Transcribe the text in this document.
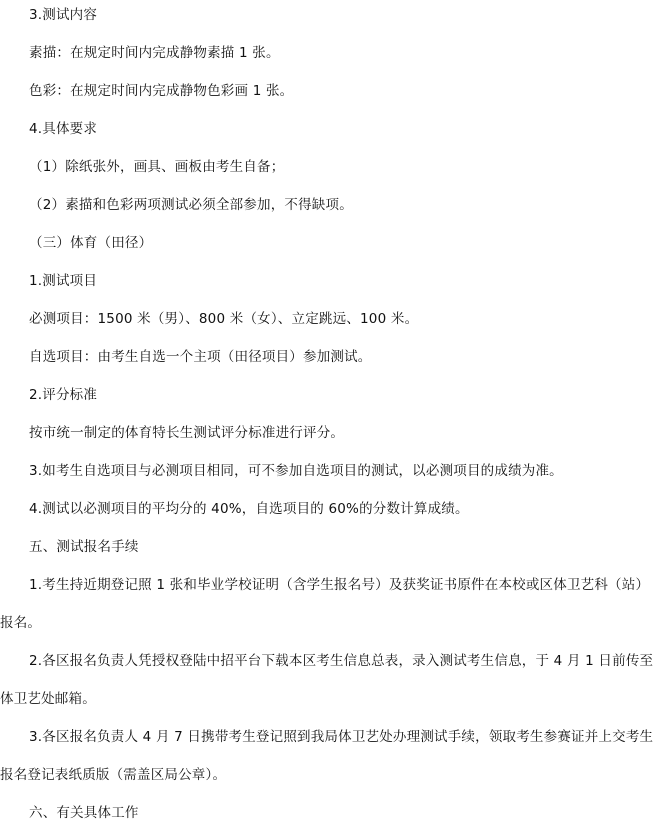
3.测试内容
素描：在规定时间内完成静物素描 1 张。
色彩：在规定时间内完成静物色彩画 1 张。
4.具体要求
（1）除纸张外，画具、画板由考生自备；
（2）素描和色彩两项测试必须全部参加，不得缺项。
（三）体育（田径）
1.测试项目
必测项目：1500 米（男）、800 米（女）、立定跳远、100 米。
自选项目：由考生自选一个主项（田径项目）参加测试。
2.评分标准
按市统一制定的体育特长生测试评分标准进行评分。
3.如考生自选项目与必测项目相同，可不参加自选项目的测试，以必测项目的成绩为准。
4.测试以必测项目的平均分的 40%，自选项目的 60%的分数计算成绩。
五、测试报名手续
1.考生持近期登记照 1 张和毕业学校证明（含学生报名号）及获奖证书原件在本校或区体卫艺科（站）报名。
2.各区报名负责人凭授权登陆中招平台下载本区考生信息总表，录入测试考生信息，于 4 月 1 日前传至体卫艺处邮箱。
3.各区报名负责人 4 月 7 日携带考生登记照到我局体卫艺处办理测试手续，领取考生参赛证并上交考生报名登记表纸质版（需盖区局公章）。
六、有关具体工作
